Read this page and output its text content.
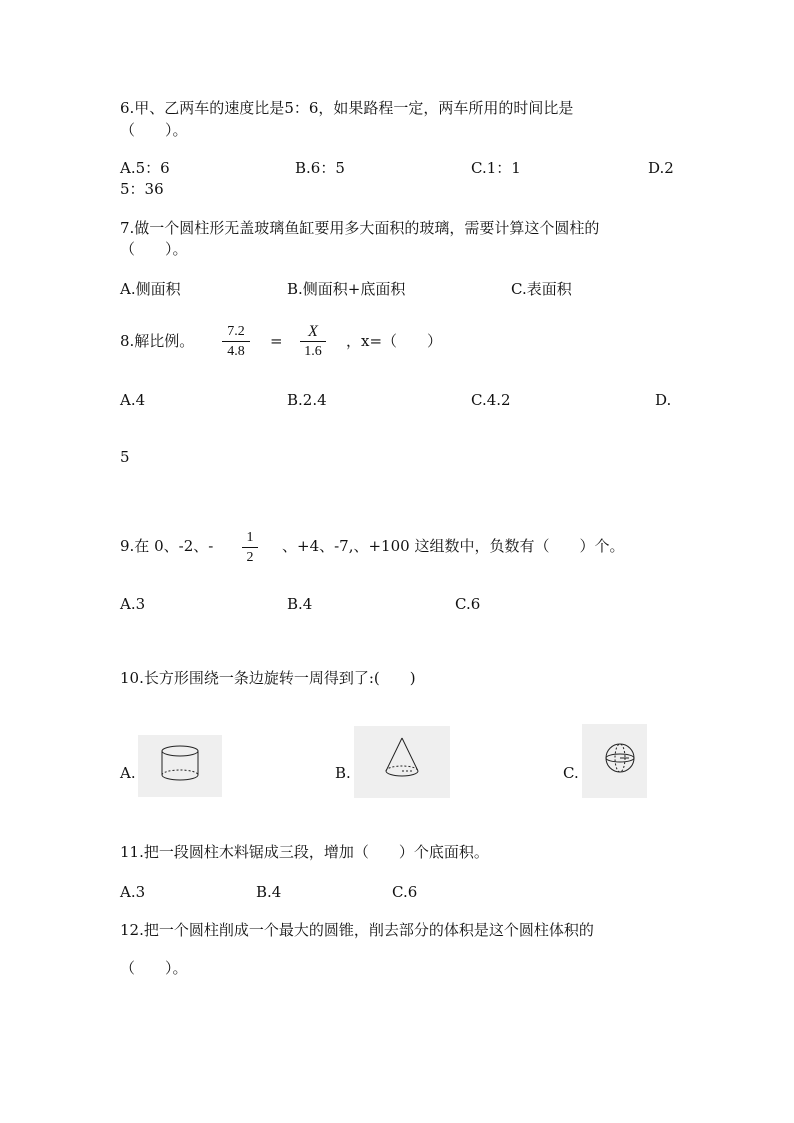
6.甲、乙两车的速度比是5：6，如果路程一定，两车所用的时间比是
（　　）。
A.5：6	B.6：5	C.1：1	D.2
5：36
7.做一个圆柱形无盖玻璃鱼缸要用多大面积的玻璃，需要计算这个圆柱的
（　　）。
A.侧面积	B.侧面积+底面积	C.表面积
8.解比例。
7.2
4.8
=
X
1.6
，x=（　　）
A.4	B.2.4	C.4.2	D.
5
9.在 0、-2、-	1
2
、+4、-7,、+100 这组数中，负数有（　　）个。
A.3	B.4	C.6
10.长方形围绕一条边旋转一周得到了:(　　)
A.	B.	C.
11.把一段圆柱木料锯成三段，增加（　　）个底面积。
A.3	B.4	C.6
12.把一个圆柱削成一个最大的圆锥，削去部分的体积是这个圆柱体积的
（　　）。
